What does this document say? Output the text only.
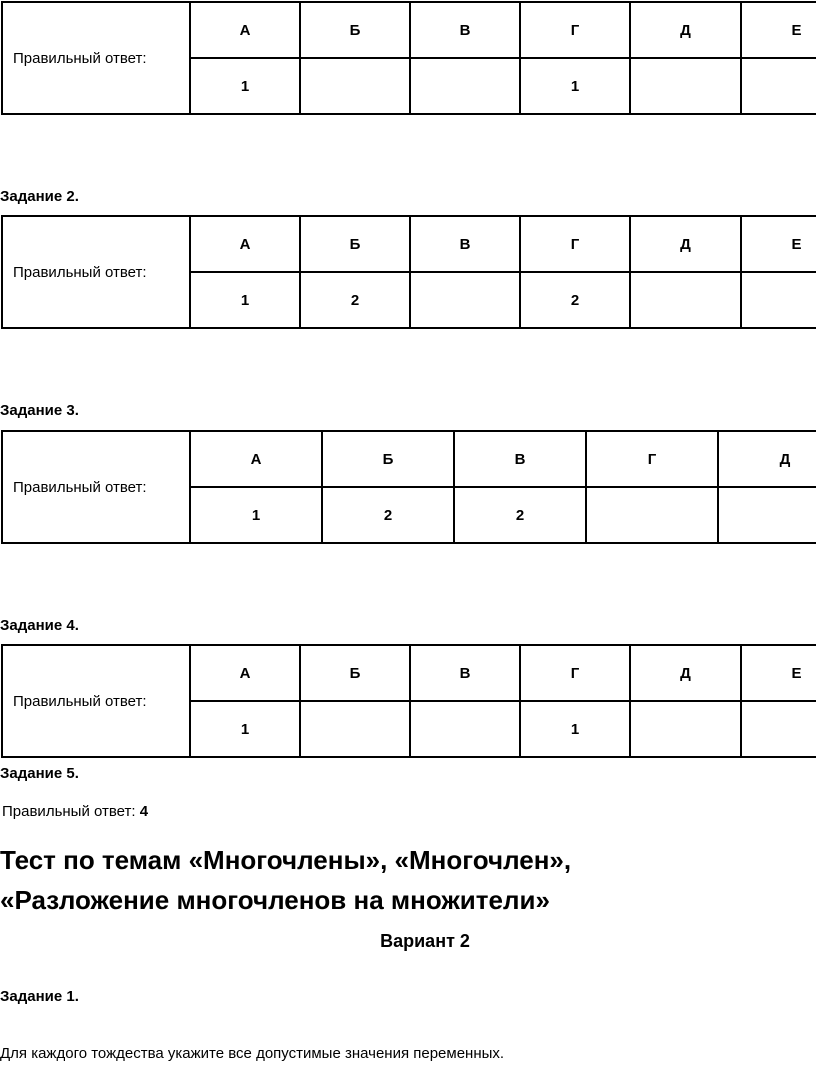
Правильный ответ:	А	Б	В	Г	Д	Е
	1			1		

Задание 2.

Правильный ответ:	А	Б	В	Г	Д	Е
	1	2		2		

Задание 3.

Правильный ответ:	А	Б	В	Г	Д
	1	2	2		

Задание 4.

Правильный ответ:	А	Б	В	Г	Д	Е
	1			1		

Задание 5.

Правильный ответ: 4

Тест по темам «Многочлены», «Многочлен»,
«Разложение многочленов на множители»
Вариант 2

Задание 1.

Для каждого тождества укажите все допустимые значения переменных.
